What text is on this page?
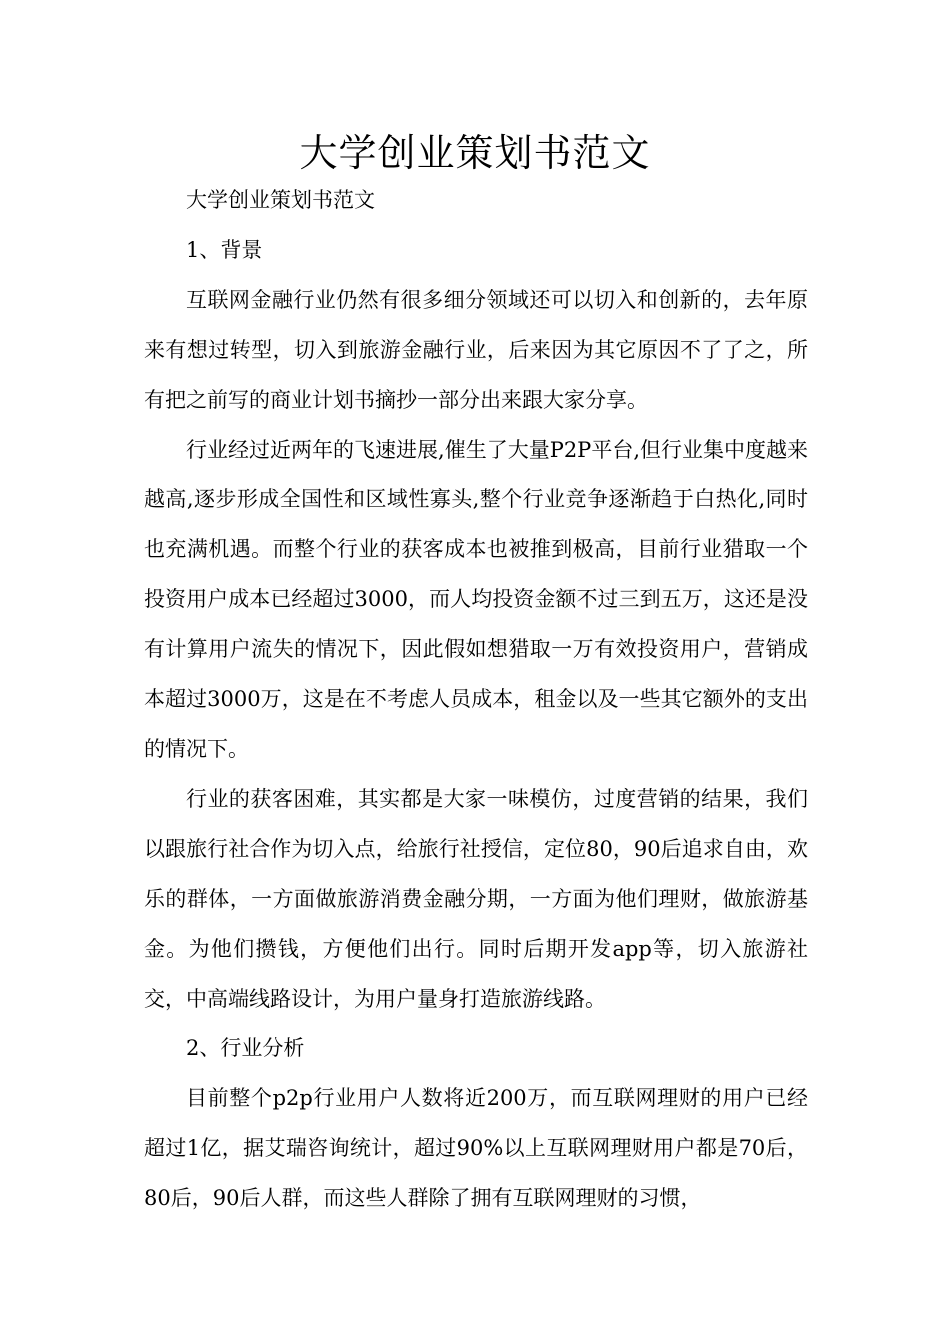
大学创业策划书范文

大学创业策划书范文

1、背景

互联网金融行业仍然有很多细分领域还可以切入和创新的，去年原来有想过转型，切入到旅游金融行业，后来因为其它原因不了了之，所有把之前写的商业计划书摘抄一部分出来跟大家分享。

行业经过近两年的飞速进展,催生了大量P2P平台,但行业集中度越来越高,逐步形成全国性和区域性寡头,整个行业竞争逐渐趋于白热化,同时也充满机遇。而整个行业的获客成本也被推到极高，目前行业猎取一个投资用户成本已经超过3000，而人均投资金额不过三到五万，这还是没有计算用户流失的情况下，因此假如想猎取一万有效投资用户，营销成本超过3000万，这是在不考虑人员成本，租金以及一些其它额外的支出的情况下。

行业的获客困难，其实都是大家一味模仿，过度营销的结果，我们以跟旅行社合作为切入点，给旅行社授信，定位80，90后追求自由，欢乐的群体，一方面做旅游消费金融分期，一方面为他们理财，做旅游基金。为他们攒钱，方便他们出行。同时后期开发app等，切入旅游社交，中高端线路设计，为用户量身打造旅游线路。

2、行业分析

目前整个p2p行业用户人数将近200万，而互联网理财的用户已经超过1亿，据艾瑞咨询统计，超过90%以上互联网理财用户都是70后，80后，90后人群，而这些人群除了拥有互联网理财的习惯，
